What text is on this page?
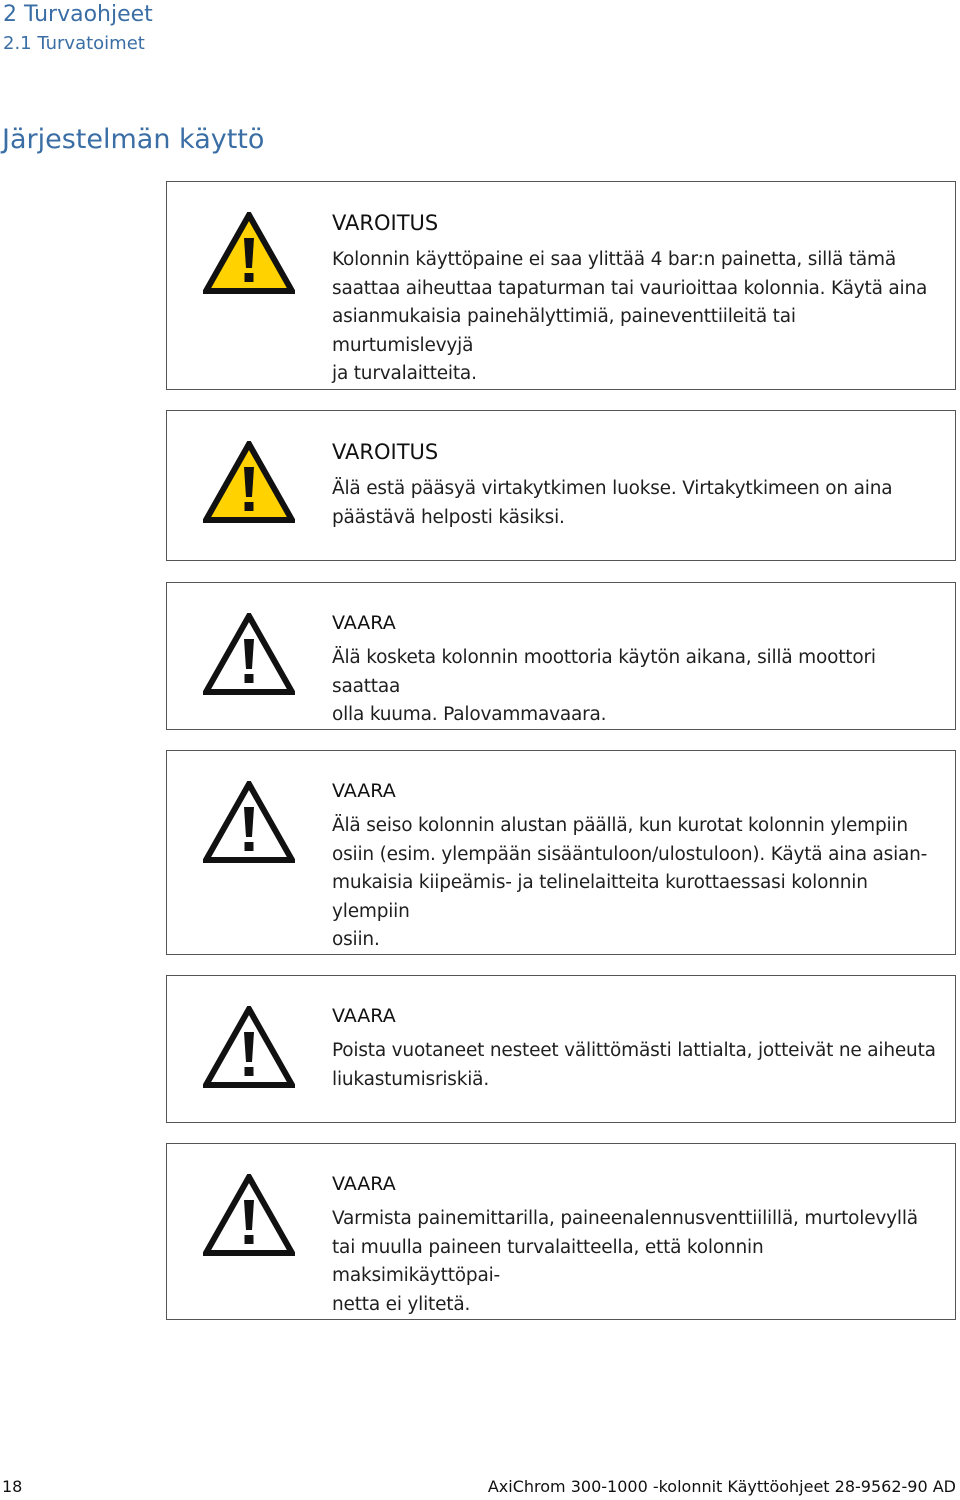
2 Turvaohjeet
2.1 Turvatoimet
Järjestelmän käyttö
VAROITUS
Kolonnin käyttöpaine ei saa ylittää 4 bar:n painetta, sillä tämä
saattaa aiheuttaa tapaturman tai vaurioittaa kolonnia. Käytä aina
asianmukaisia painehälyttimiä, paineventtiileitä tai murtumislevyjä
ja turvalaitteita.
VAROITUS
Älä estä pääsyä virtakytkimen luokse. Virtakytkimeen on aina
päästävä helposti käsiksi.
VAARA
Älä kosketa kolonnin moottoria käytön aikana, sillä moottori saattaa
olla kuuma. Palovammavaara.
VAARA
Älä seiso kolonnin alustan päällä, kun kurotat kolonnin ylempiin
osiin (esim. ylempään sisääntuloon/ulostuloon). Käytä aina asian-
mukaisia kiipeämis- ja telinelaitteita kurottaessasi kolonnin ylempiin
osiin.
VAARA
Poista vuotaneet nesteet välittömästi lattialta, jotteivät ne aiheuta
liukastumisriskiä.
VAARA
Varmista painemittarilla, paineenalennusventtiilillä, murtolevyllä
tai muulla paineen turvalaitteella, että kolonnin maksimikäyttöpai-
netta ei ylitetä.
18	AxiChrom 300-1000 -kolonnit Käyttöohjeet 28-9562-90 AD
